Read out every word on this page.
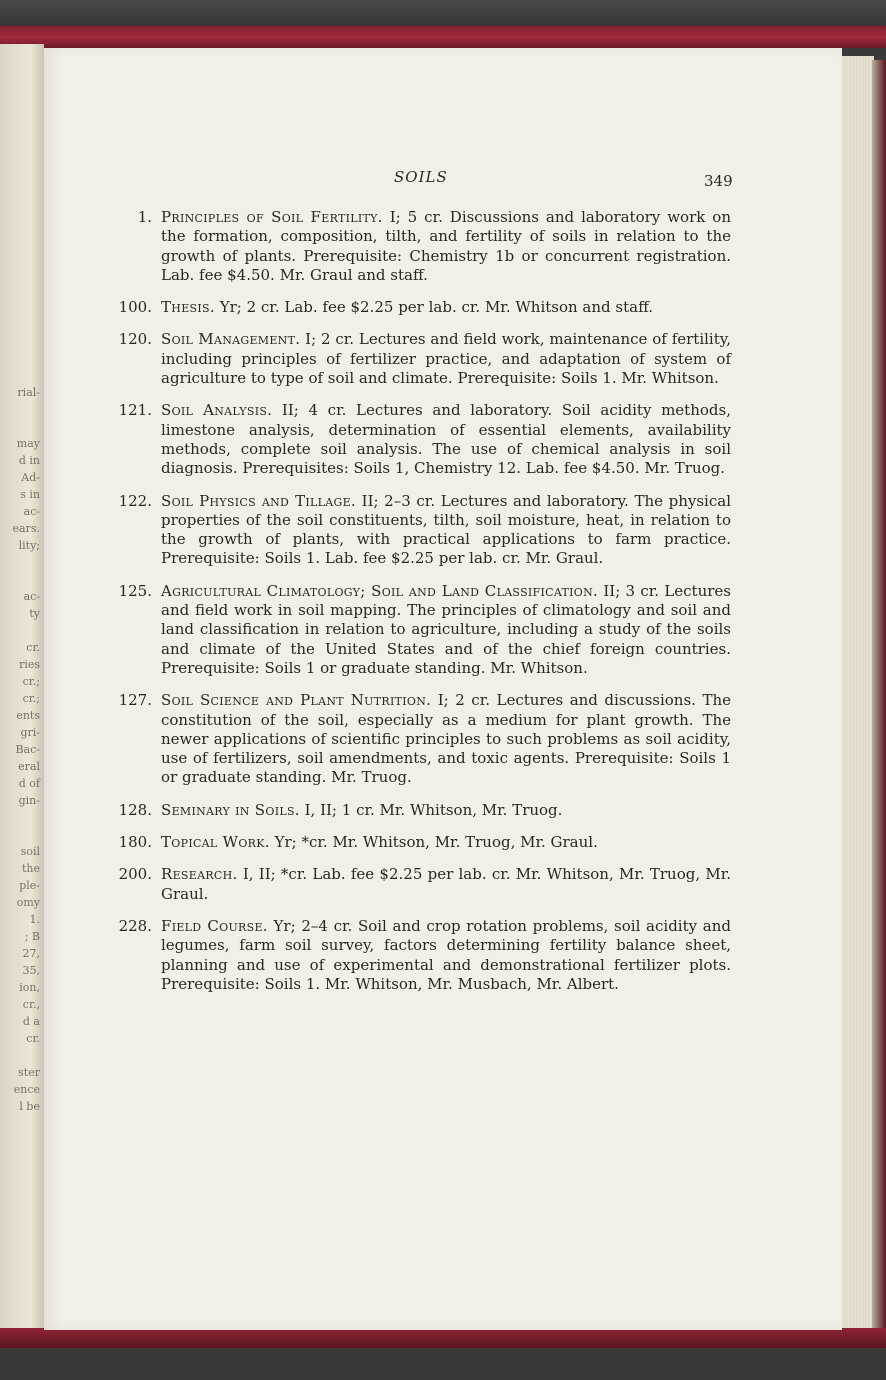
rial-

may
d in
Ad-
s in
ac-
ears.
lity;

ac-
ty

cr.
ries
cr.;
cr.;
ents
gri-
Bac-
eral
d of
gin-

soil
the
ple-
omy
1.
; B
27,
35,
ion,
cr.,
d a
cr.

ster
ence
l be
SOILS	349
1. Principles of Soil Fertility. I; 5 cr. Discussions and laboratory work on the formation, composition, tilth, and fertility of soils in relation to the growth of plants. Prerequisite: Chemistry 1b or concurrent registration. Lab. fee $4.50. Mr. Graul and staff.
100. Thesis. Yr; 2 cr. Lab. fee $2.25 per lab. cr. Mr. Whitson and staff.
120. Soil Management. I; 2 cr. Lectures and field work, maintenance of fertility, including principles of fertilizer practice, and adaptation of system of agriculture to type of soil and climate. Prerequisite: Soils 1. Mr. Whitson.
121. Soil Analysis. II; 4 cr. Lectures and laboratory. Soil acidity methods, limestone analysis, determination of essential elements, availability methods, complete soil analysis. The use of chemical analysis in soil diagnosis. Prerequisites: Soils 1, Chemistry 12. Lab. fee $4.50. Mr. Truog.
122. Soil Physics and Tillage. II; 2–3 cr. Lectures and laboratory. The physical properties of the soil constituents, tilth, soil moisture, heat, in relation to the growth of plants, with practical applications to farm practice. Prerequisite: Soils 1. Lab. fee $2.25 per lab. cr. Mr. Graul.
125. Agricultural Climatology; Soil and Land Classification. II; 3 cr. Lectures and field work in soil mapping. The principles of climatology and soil and land classification in relation to agriculture, including a study of the soils and climate of the United States and of the chief foreign countries. Prerequisite: Soils 1 or graduate standing. Mr. Whitson.
127. Soil Science and Plant Nutrition. I; 2 cr. Lectures and discussions. The constitution of the soil, especially as a medium for plant growth. The newer applications of scientific principles to such problems as soil acidity, use of fertilizers, soil amendments, and toxic agents. Prerequisite: Soils 1 or graduate standing. Mr. Truog.
128. Seminary in Soils. I, II; 1 cr. Mr. Whitson, Mr. Truog.
180. Topical Work. Yr; *cr. Mr. Whitson, Mr. Truog, Mr. Graul.
200. Research. I, II; *cr. Lab. fee $2.25 per lab. cr. Mr. Whitson, Mr. Truog, Mr. Graul.
228. Field Course. Yr; 2–4 cr. Soil and crop rotation problems, soil acidity and legumes, farm soil survey, factors determining fertility balance sheet, planning and use of experimental and demonstrational fertilizer plots. Prerequisite: Soils 1. Mr. Whitson, Mr. Musbach, Mr. Albert.
